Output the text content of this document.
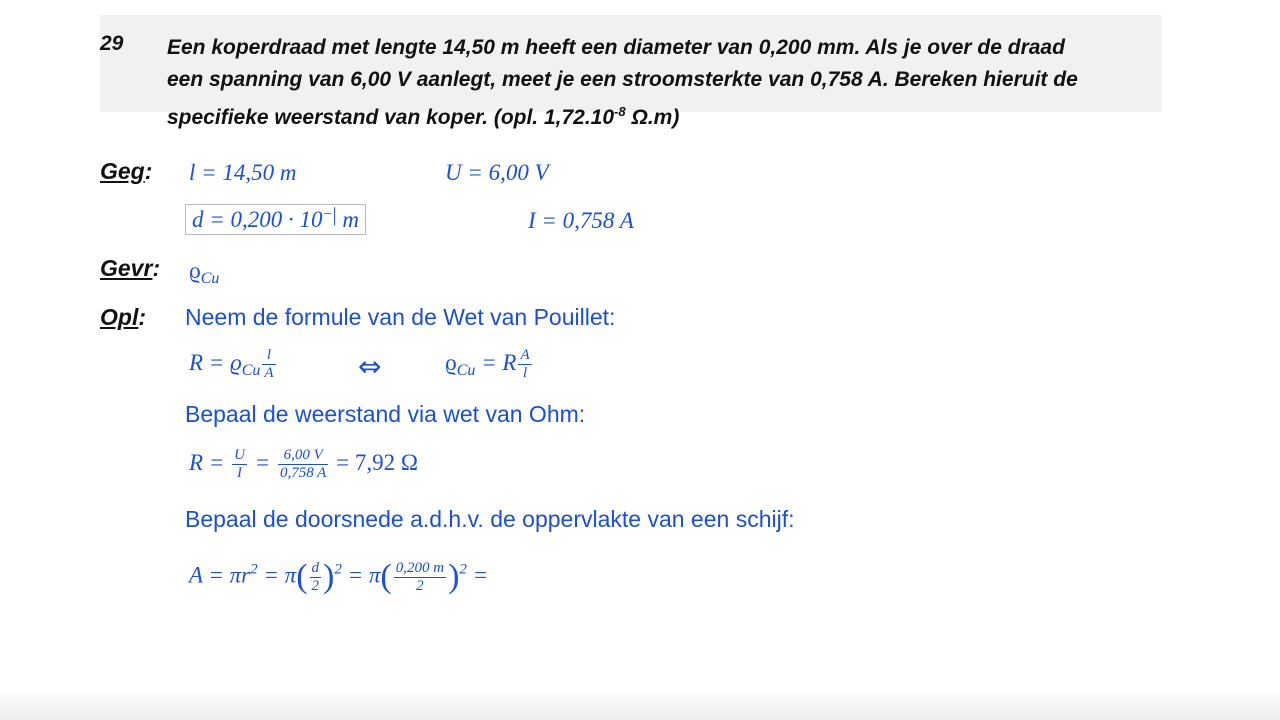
29 Een koperdraad met lengte 14,50 m heeft een diameter van 0,200 mm. Als je over de draad
een spanning van 6,00 V aanlegt, meet je een stroomsterkte van 0,758 A. Bereken hieruit de
specifieke weerstand van koper. (opl. $1,72.10^{-8}$ Ω.m)
Geg: l = 14,50 m	U = 6,00 V
d = 0,200 · 10−| m	I = 0,758 A
Gevr: $ϱ_{Cu}$
Opl: Neem de formule van de Wet van Pouillet:
$R = ϱ_{Cu} \frac{l}{A}$	⇔	$ϱ_{Cu} = R \frac{A}{l}$
Bepaal de weerstand via wet van Ohm:
$R = \frac{U}{I} = \frac{6,00 V}{0,758 A} = 7,92$ Ω
Bepaal de doorsnede a.d.h.v. de oppervlakte van een schijf:
$A = \pi r^2 = \pi( \frac{d}{2} )^2 = \pi( \frac{0,200 m}{2} )^2$ =
